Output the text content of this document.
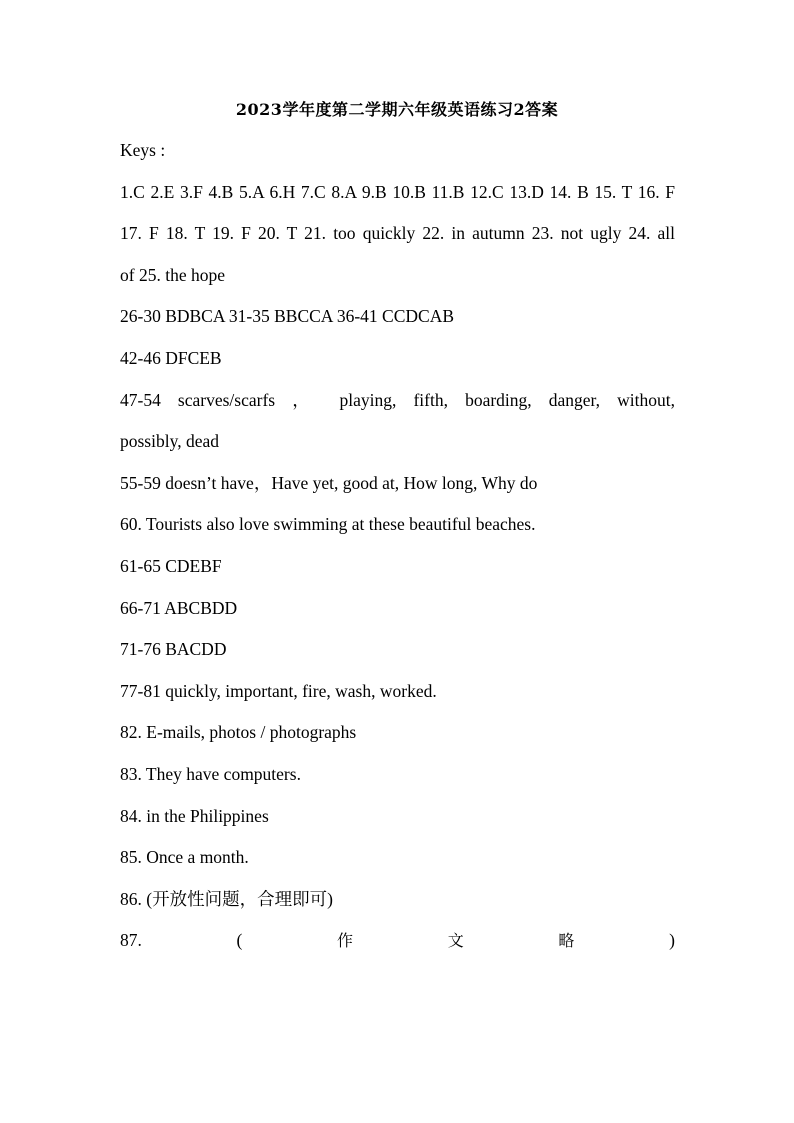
2023学年度第二学期六年级英语练习2答案
Keys :
1.C 2.E 3.F 4.B 5.A 6.H 7.C 8.A 9.B 10.B 11.B 12.C 13.D 14. B 15. T 16. F
17. F 18. T 19. F 20. T 21. too quickly 22. in autumn 23. not ugly 24. all
of 25. the hope
26-30 BDBCA 31-35 BBCCA 36-41 CCDCAB
42-46 DFCEB
47-54 scarves/scarfs ， playing, fifth, boarding, danger, without,
possibly, dead
55-59 doesn’t have，Have yet, good at, How long, Why do
60. Tourists also love swimming at these beautiful beaches.
61-65 CDEBF
66-71 ABCBDD
71-76 BACDD
77-81 quickly, important, fire, wash, worked.
82. E-mails, photos / photographs
83. They have computers.
84. in the Philippines
85. Once a month.
86. (开放性问题，合理即可)
87.	(	作	文	略	)
